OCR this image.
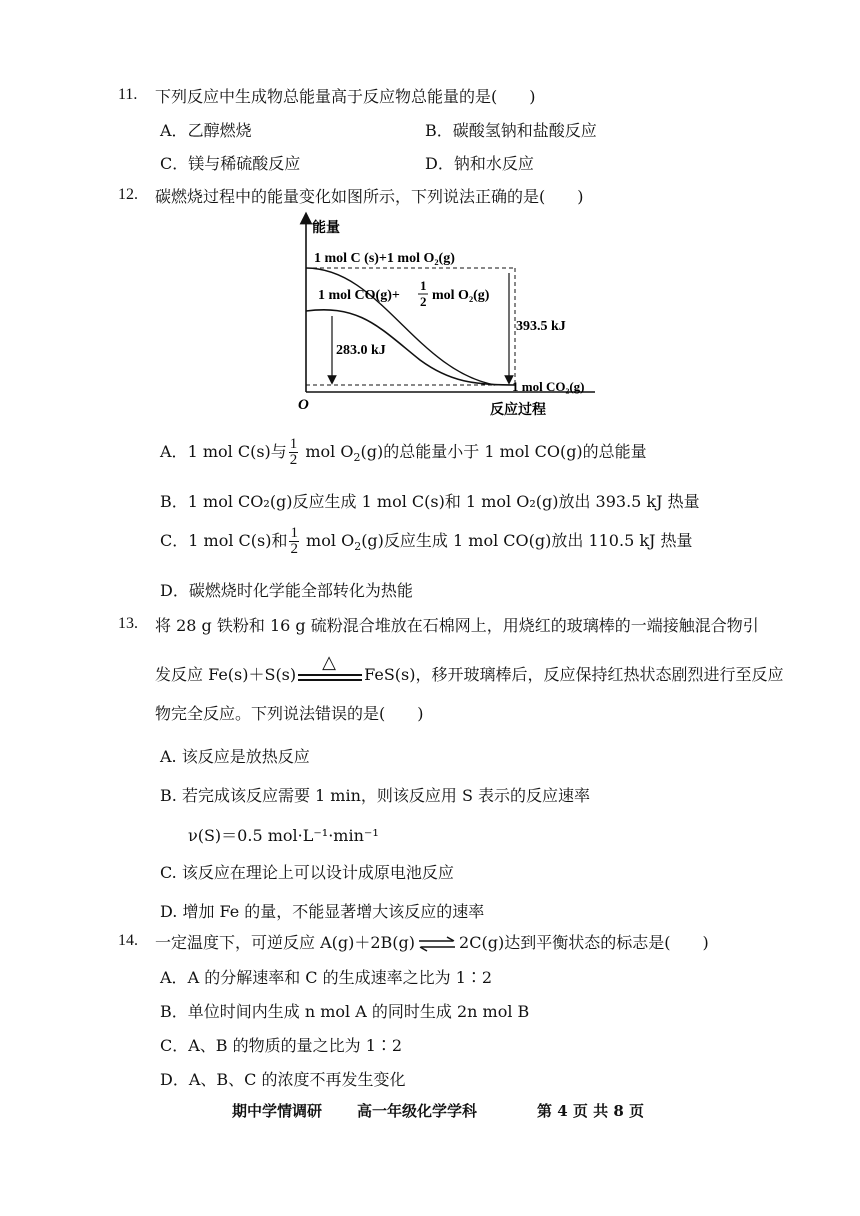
11. 下列反应中生成物总能量高于反应物总能量的是(　　)
A．乙醇燃烧	B．碳酸氢钠和盐酸反应
C．镁与稀硫酸反应	D．钠和水反应
12. 碳燃烧过程中的能量变化如图所示，下列说法正确的是(　　)
能量
O	反应过程
1 mol C (s)+1 mol O₂(g)
1 mol CO(g)+
1
2 mol O₂(g)
283.0 kJ
393.5 kJ
1 mol CO₂(g)
A．1 mol C(s)与 $\frac{1}{2}$ mol $O_2(g)$的总能量小于 1 mol CO(g)的总能量
B．1 mol CO₂(g)反应生成 1 mol C(s)和 1 mol O₂(g)放出 393.5 kJ 热量
C．1 mol C(s)和 $\frac{1}{2}$ mol $O_2(g)$反应生成 1 mol CO(g)放出 110.5 kJ 热量
D．碳燃烧时化学能全部转化为热能
13. 将 28 g 铁粉和 16 g 硫粉混合堆放在石棉网上，用烧红的玻璃棒的一端接触混合物引
发反应 Fe(s)＋S(s)
△
FeS(s)，移开玻璃棒后，反应保持红热状态剧烈进行至反应
物完全反应。下列说法错误的是(　　)
A. 该反应是放热反应
B. 若完成该反应需要 1 min，则该反应用 S 表示的反应速率
ν(S)＝0.5 mol·L⁻¹·min⁻¹
C. 该反应在理论上可以设计成原电池反应
D. 增加 Fe 的量，不能显著增大该反应的速率
14. 一定温度下，可逆反应 A(g)＋2B(g) ⇌ 2C(g)达到平衡状态的标志是(　　)
A．A 的分解速率和 C 的生成速率之比为 1∶2
B．单位时间内生成 n mol A 的同时生成 2n mol B
C．A、B 的物质的量之比为 1∶2
D．A、B、C 的浓度不再发生变化
期中学情调研 高一年级化学学科	第 4 页 共 8 页
